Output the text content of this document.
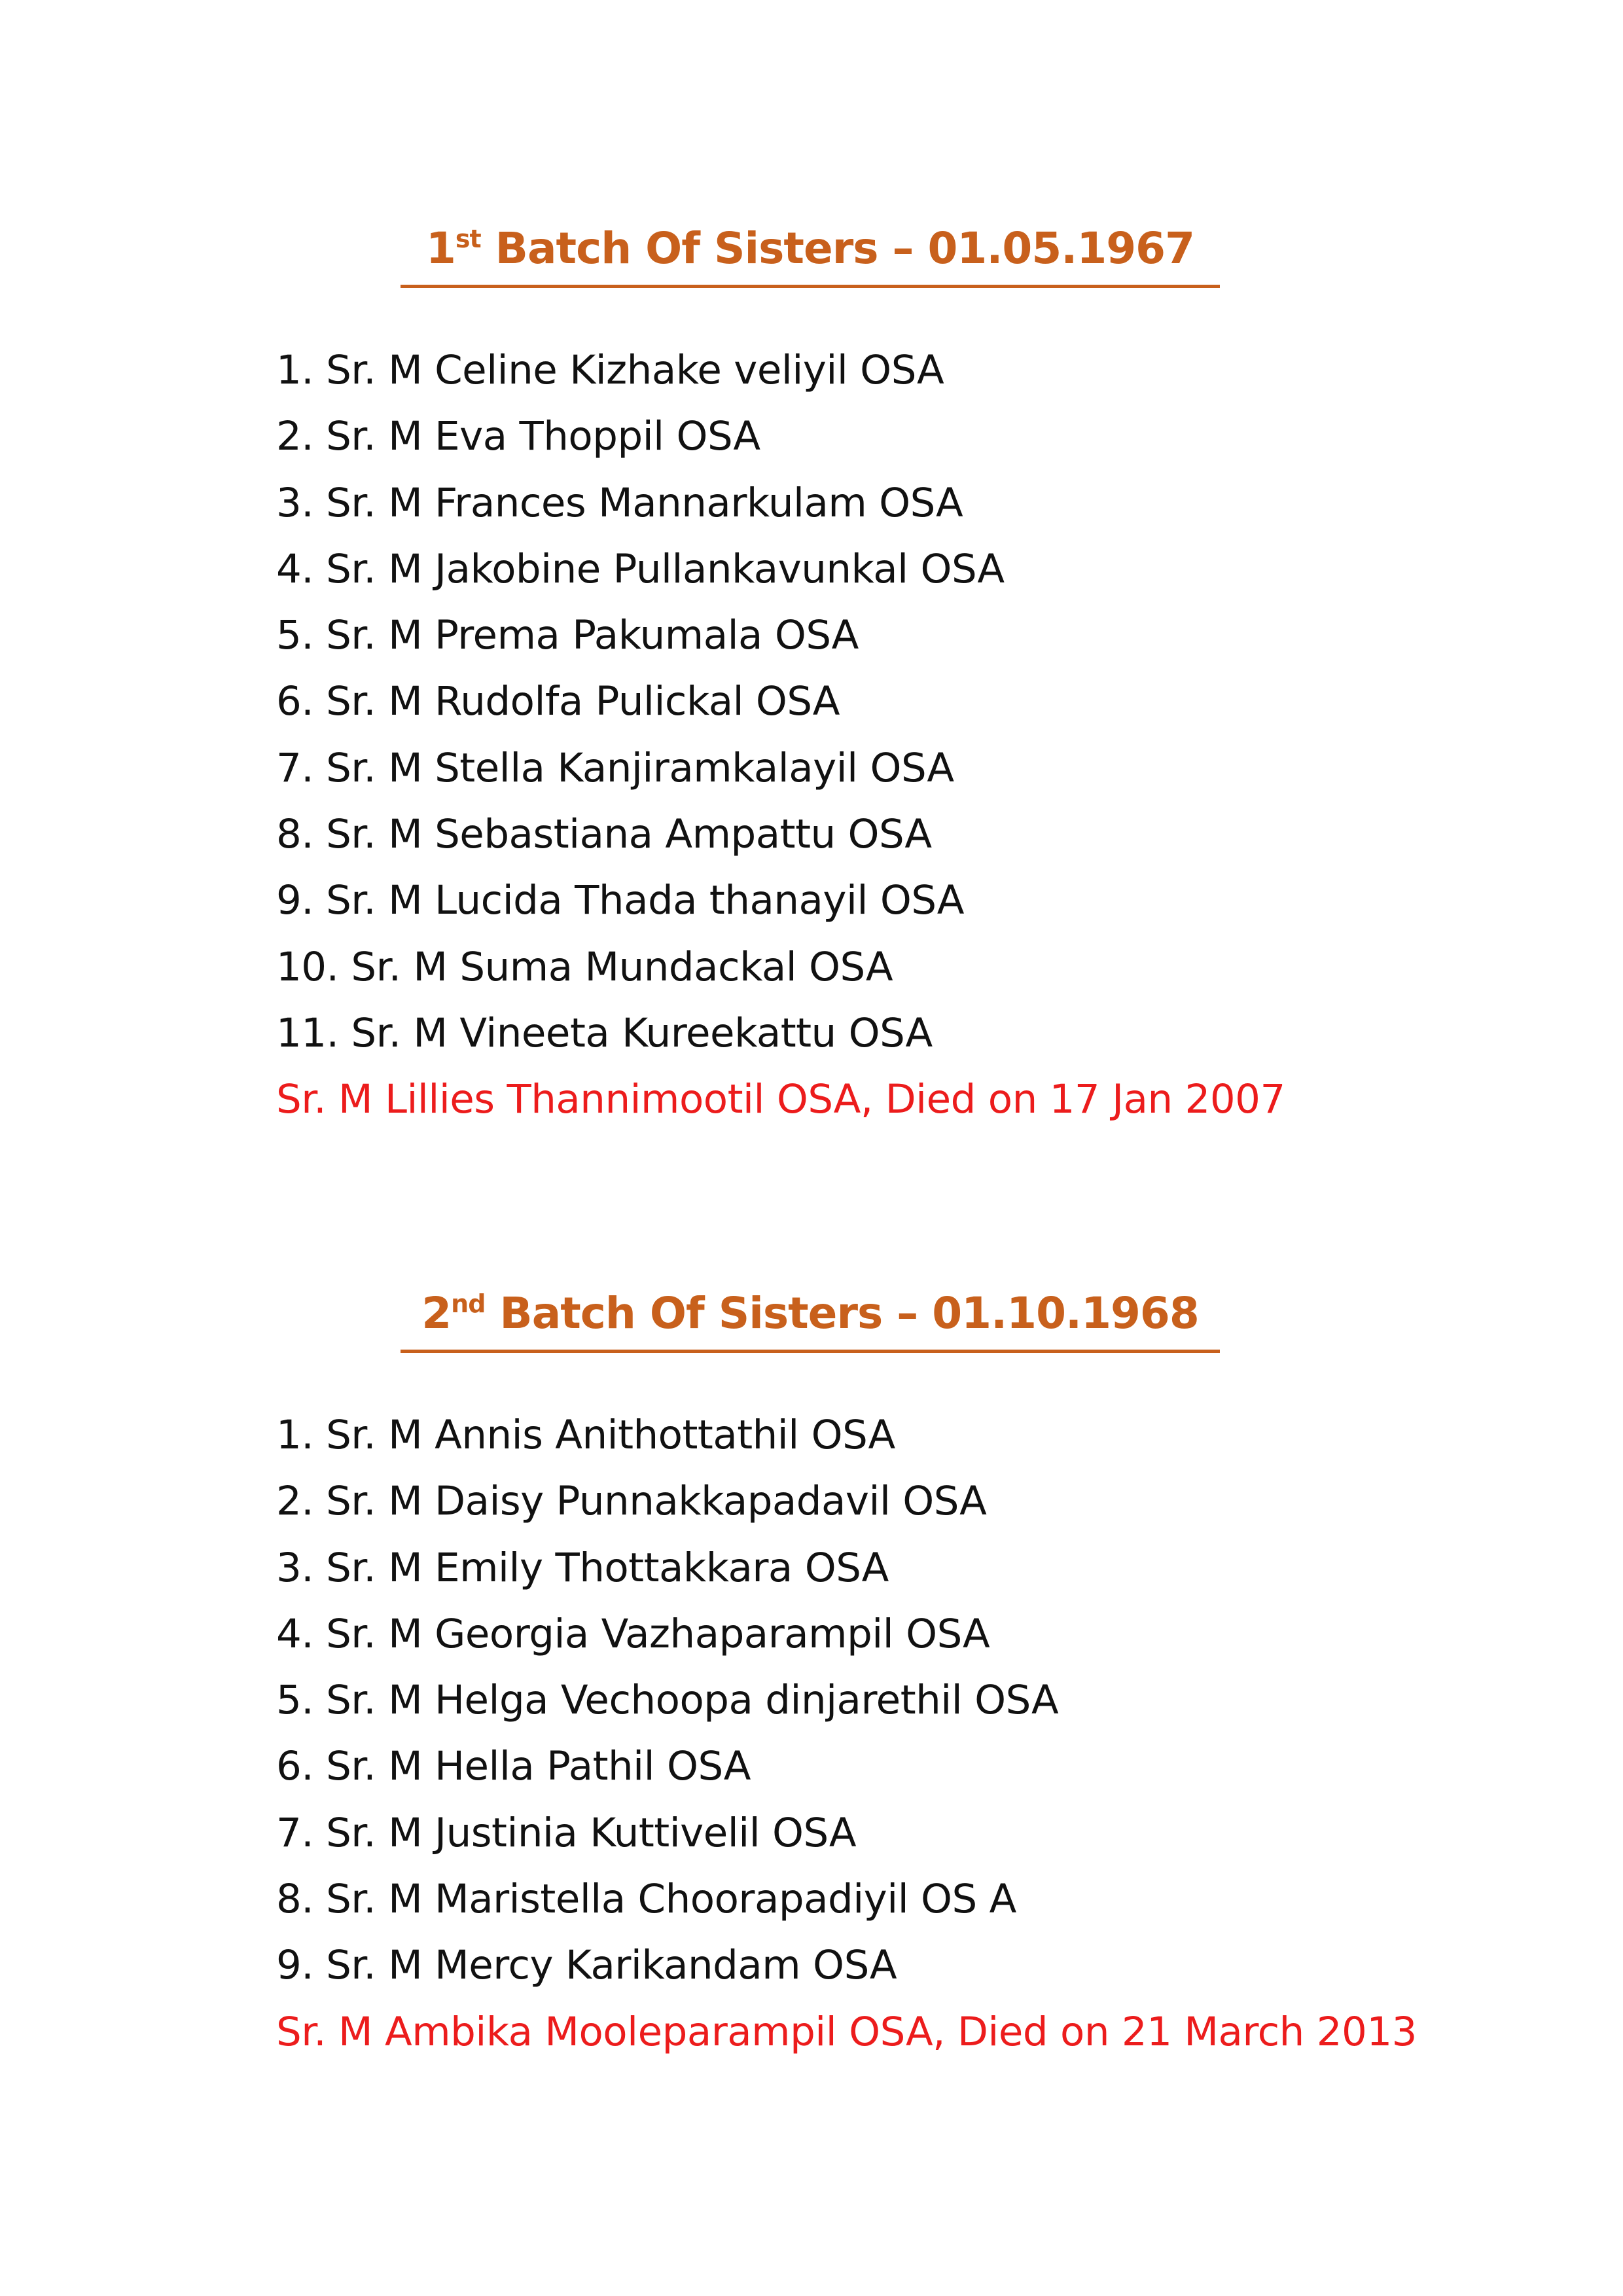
1st Batch Of Sisters – 01.05.1967
1. Sr. M Celine Kizhake veliyil OSA
2. Sr. M Eva Thoppil OSA
3. Sr. M Frances Mannarkulam OSA
4. Sr. M Jakobine Pullankavunkal OSA
5. Sr. M Prema Pakumala OSA
6. Sr. M Rudolfa Pulickal OSA
7. Sr. M Stella Kanjiramkalayil OSA
8. Sr. M Sebastiana Ampattu OSA
9. Sr. M Lucida Thada thanayil OSA
10. Sr. M Suma Mundackal OSA
11. Sr. M Vineeta Kureekattu OSA
Sr. M Lillies Thannimootil OSA, Died on 17 Jan 2007
2nd Batch Of Sisters – 01.10.1968
1. Sr. M Annis Anithottathil OSA
2. Sr. M Daisy Punnakkapadavil OSA
3. Sr. M Emily Thottakkara OSA
4. Sr. M Georgia Vazhaparampil OSA
5. Sr. M Helga Vechoopa dinjarethil OSA
6. Sr. M Hella Pathil OSA
7. Sr. M Justinia Kuttivelil OSA
8. Sr. M Maristella Choorapadiyil OS A
9. Sr. M Mercy Karikandam OSA
Sr. M Ambika Mooleparampil OSA, Died on 21 March 2013
